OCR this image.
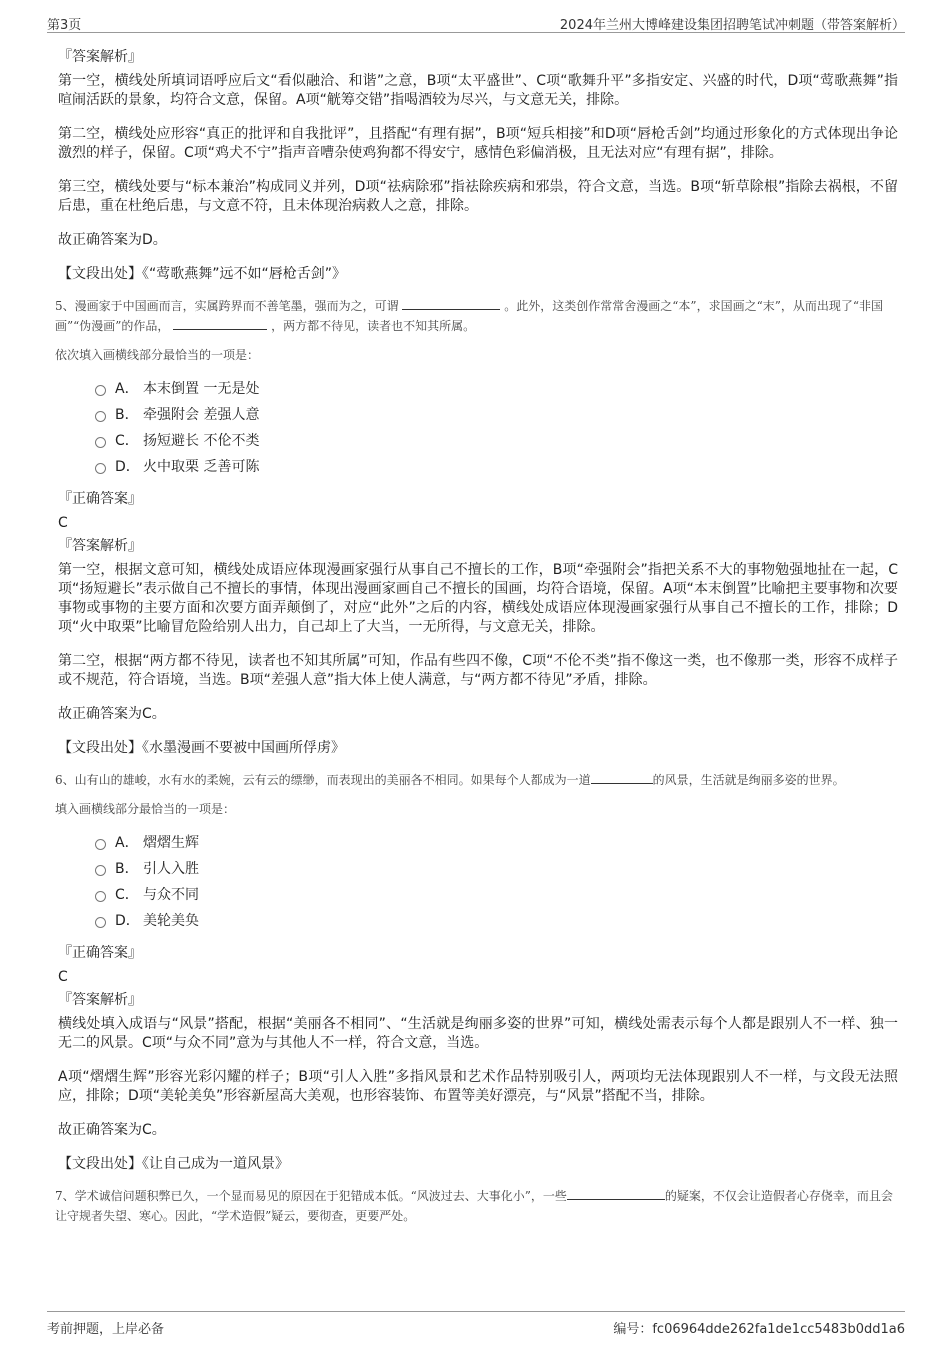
第3页	2024年兰州大博峰建设集团招聘笔试冲刺题（带答案解析）
『答案解析』

第一空，横线处所填词语呼应后文“看似融洽、和谐”之意，B项“太平盛世”、C项“歌舞升平”多指安定、兴盛的时代，D项“莺歌燕舞”指喧闹活跃的景象，均符合文意，保留。A项“觥筹交错”指喝酒较为尽兴，与文意无关，排除。

第二空，横线处应形容“真正的批评和自我批评”，且搭配“有理有据”，B项“短兵相接”和D项“唇枪舌剑”均通过形象化的方式体现出争论激烈的样子，保留。C项“鸡犬不宁”指声音嘈杂使鸡狗都不得安宁，感情色彩偏消极，且无法对应“有理有据”，排除。

第三空，横线处要与“标本兼治”构成同义并列，D项“祛病除邪”指祛除疾病和邪祟，符合文意，当选。B项“斩草除根”指除去祸根，不留后患，重在杜绝后患，与文意不符，且未体现治病救人之意，排除。

故正确答案为D。

【文段出处】《“莺歌燕舞”远不如“唇枪舌剑”》

5、漫画家于中国画而言，实属跨界而不善笔墨，强而为之，可谓	。此外，这类创作常常舍漫画之“本”，求国画之“末”，从而出现了“非国画”“伪漫画”的作品，	，两方都不待见，读者也不知其所属。

依次填入画横线部分最恰当的一项是：

A． 本末倒置 一无是处
B． 牵强附会 差强人意
C． 扬短避长 不伦不类
D． 火中取栗 乏善可陈
『正确答案』
C
『答案解析』

第一空，根据文意可知，横线处成语应体现漫画家强行从事自己不擅长的工作，B项“牵强附会”指把关系不大的事物勉强地扯在一起，C项“扬短避长”表示做自己不擅长的事情，体现出漫画家画自己不擅长的国画，均符合语境，保留。A项“本末倒置”比喻把主要事物和次要事物或事物的主要方面和次要方面弄颠倒了，对应“此外”之后的内容，横线处成语应体现漫画家强行从事自己不擅长的工作，排除；D项“火中取栗”比喻冒危险给别人出力，自己却上了大当，一无所得，与文意无关，排除。

第二空，根据“两方都不待见，读者也不知其所属”可知，作品有些四不像，C项“不伦不类”指不像这一类，也不像那一类，形容不成样子或不规范，符合语境，当选。B项“差强人意”指大体上使人满意，与“两方都不待见”矛盾，排除。

故正确答案为C。

【文段出处】《水墨漫画不要被中国画所俘虏》

6、山有山的雄峻，水有水的柔婉，云有云的缥缈，而表现出的美丽各不相同。如果每个人都成为一道	的风景，生活就是绚丽多姿的世界。

填入画横线部分最恰当的一项是：

A． 熠熠生辉
B． 引人入胜
C． 与众不同
D． 美轮美奂
『正确答案』
C
『答案解析』

横线处填入成语与“风景”搭配，根据“美丽各不相同”、“生活就是绚丽多姿的世界”可知，横线处需表示每个人都是跟别人不一样、独一无二的风景。C项“与众不同”意为与其他人不一样，符合文意，当选。

A项“熠熠生辉”形容光彩闪耀的样子；B项“引人入胜”多指风景和艺术作品特别吸引人，两项均无法体现跟别人不一样，与文段无法照应，排除；D项“美轮美奂”形容新屋高大美观，也形容装饰、布置等美好漂亮，与“风景”搭配不当，排除。

故正确答案为C。

【文段出处】《让自己成为一道风景》

7、学术诚信问题积弊已久，一个显而易见的原因在于犯错成本低。“风波过去、大事化小”，一些	的疑案，不仅会让造假者心存侥幸，而且会让守规者失望、寒心。因此，“学术造假”疑云，要彻查，更要严处。

考前押题，上岸必备	编号：fc06964dde262fa1de1cc5483b0dd1a6
